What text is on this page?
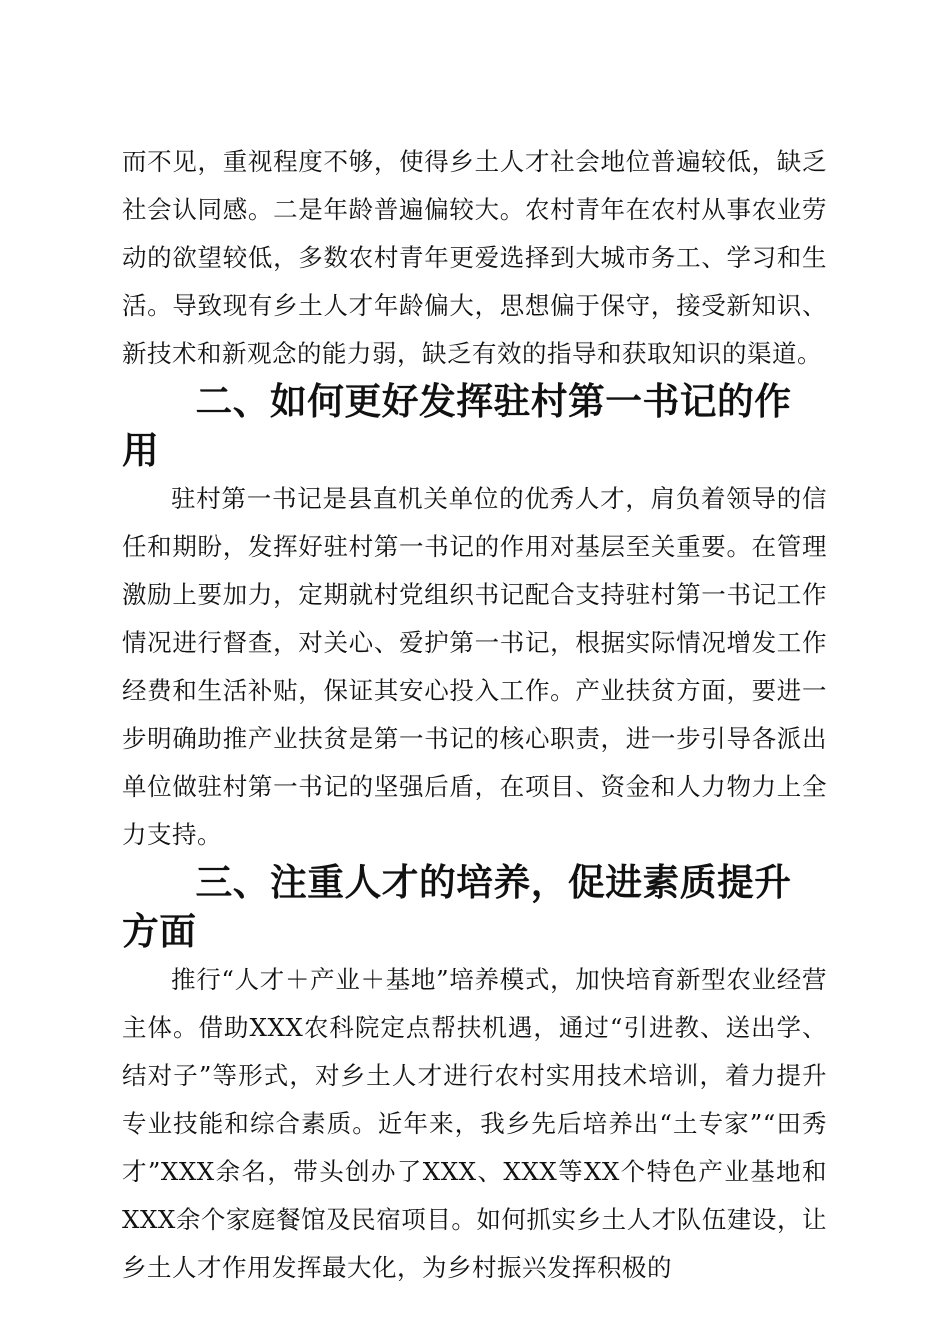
而不见，重视程度不够，使得乡土人才社会地位普遍较低，缺乏社会认同感。二是年龄普遍偏较大。农村青年在农村从事农业劳动的欲望较低，多数农村青年更爱选择到大城市务工、学习和生活。导致现有乡土人才年龄偏大，思想偏于保守，接受新知识、新技术和新观念的能力弱，缺乏有效的指导和获取知识的渠道。

二、如何更好发挥驻村第一书记的作用

驻村第一书记是县直机关单位的优秀人才，肩负着领导的信任和期盼，发挥好驻村第一书记的作用对基层至关重要。在管理激励上要加力，定期就村党组织书记配合支持驻村第一书记工作情况进行督查，对关心、爱护第一书记，根据实际情况增发工作经费和生活补贴，保证其安心投入工作。产业扶贫方面，要进一步明确助推产业扶贫是第一书记的核心职责，进一步引导各派出单位做驻村第一书记的坚强后盾，在项目、资金和人力物力上全力支持。

三、注重人才的培养，促进素质提升方面

推行“人才＋产业＋基地”培养模式，加快培育新型农业经营主体。借助XXX农科院定点帮扶机遇，通过“引进教、送出学、结对子”等形式，对乡土人才进行农村实用技术培训，着力提升专业技能和综合素质。近年来，我乡先后培养出“土专家”“田秀才”XXX余名，带头创办了XXX、XXX等XX个特色产业基地和XXX余个家庭餐馆及民宿项目。如何抓实乡土人才队伍建设，让乡土人才作用发挥最大化，为乡村振兴发挥积极的
